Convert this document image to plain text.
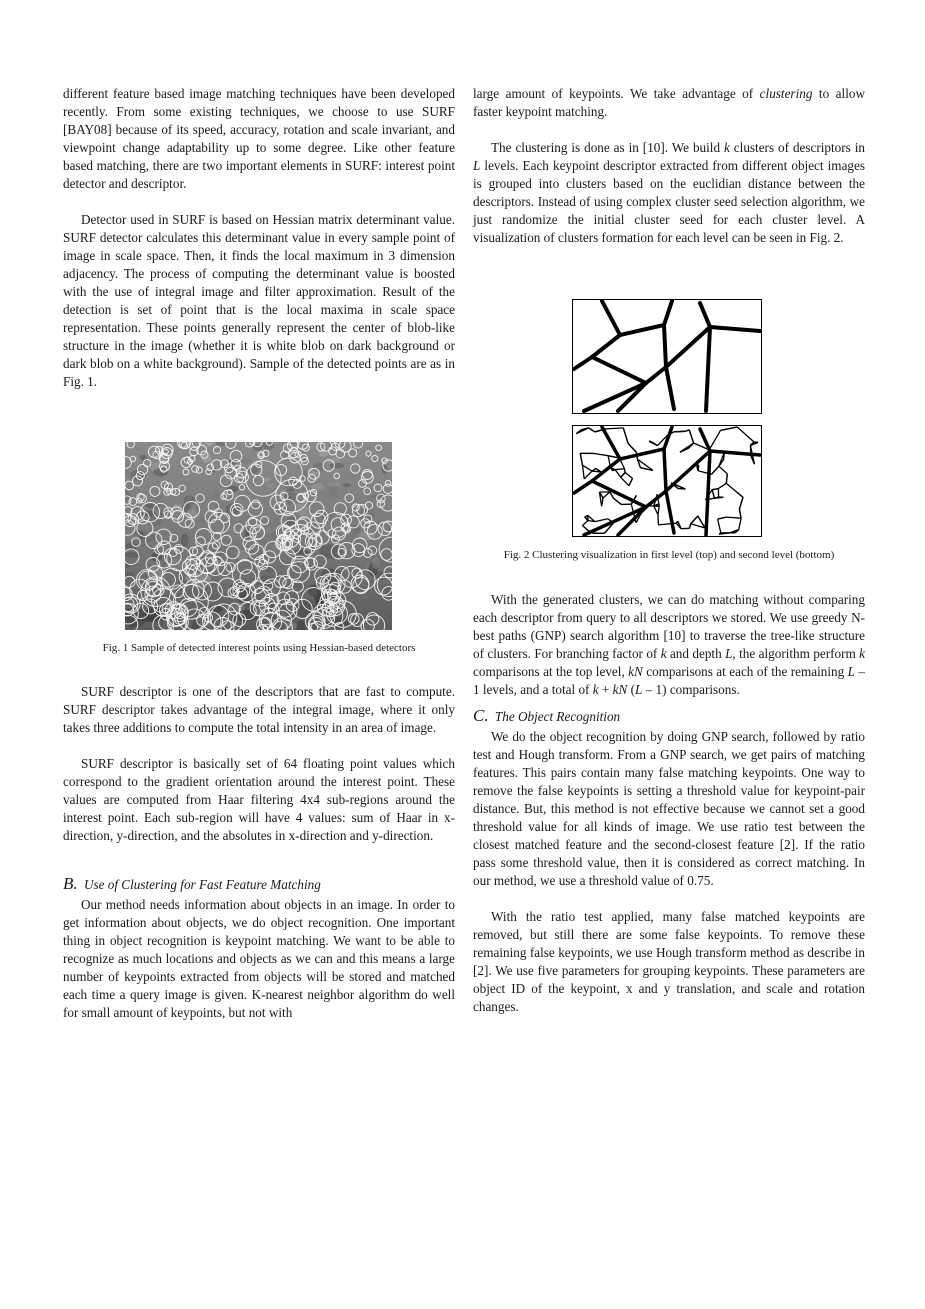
different feature based image matching techniques have been developed recently. From some existing techniques, we choose to use SURF [BAY08] because of its speed, accuracy, rotation and scale invariant, and viewpoint change adaptability up to some degree. Like other feature based matching, there are two important elements in SURF: interest point detector and descriptor.

Detector used in SURF is based on Hessian matrix determinant value. SURF detector calculates this determinant value in every sample point of image in scale space. Then, it finds the local maximum in 3 dimension adjacency. The process of computing the determinant value is boosted with the use of integral image and filter approximation. Result of the detection is set of point that is the local maxima in scale space representation. These points generally represent the center of blob-like structure in the image (whether it is white blob on dark background or dark blob on a white background). Sample of the detected points are as in Fig. 1.

Fig. 1 Sample of detected interest points using Hessian-based detectors

SURF descriptor is one of the descriptors that are fast to compute. SURF descriptor takes advantage of the integral image, where it only takes three additions to compute the total intensity in an area of image.

SURF descriptor is basically set of 64 floating point values which correspond to the gradient orientation around the interest point. These values are computed from Haar filtering 4x4 sub-regions around the interest point. Each sub-region will have 4 values: sum of Haar in x-direction, y-direction, and the absolutes in x-direction and y-direction.

B. Use of Clustering for Fast Feature Matching

Our method needs information about objects in an image. In order to get information about objects, we do object recognition. One important thing in object recognition is keypoint matching. We want to be able to recognize as much locations and objects as we can and this means a large number of keypoints extracted from objects will be stored and matched each time a query image is given. K-nearest neighbor algorithm do well for small amount of keypoints, but not with

large amount of keypoints. We take advantage of clustering to allow faster keypoint matching.

The clustering is done as in [10]. We build k clusters of descriptors in L levels. Each keypoint descriptor extracted from different object images is grouped into clusters based on the euclidian distance between the descriptors. Instead of using complex cluster seed selection algorithm, we just randomize the initial cluster seed for each cluster level. A visualization of clusters formation for each level can be seen in Fig. 2.

Fig. 2 Clustering visualization in first level (top) and second level (bottom)

With the generated clusters, we can do matching without comparing each descriptor from query to all descriptors we stored. We use greedy N-best paths (GNP) search algorithm [10] to traverse the tree-like structure of clusters. For branching factor of k and depth L, the algorithm perform k comparisons at the top level, kN comparisons at each of the remaining L – 1 levels, and a total of k + kN (L – 1) comparisons.

C. The Object Recognition

We do the object recognition by doing GNP search, followed by ratio test and Hough transform. From a GNP search, we get pairs of matching features. This pairs contain many false matching keypoints. One way to remove the false keypoints is setting a threshold value for keypoint-pair distance. But, this method is not effective because we cannot set a good threshold value for all kinds of image. We use ratio test between the closest matched feature and the second-closest feature [2]. If the ratio pass some threshold value, then it is considered as correct matching. In our method, we use a threshold value of 0.75.

With the ratio test applied, many false matched keypoints are removed, but still there are some false keypoints. To remove these remaining false keypoints, we use Hough transform method as describe in [2]. We use five parameters for grouping keypoints. These parameters are object ID of the keypoint, x and y translation, and scale and rotation changes.
